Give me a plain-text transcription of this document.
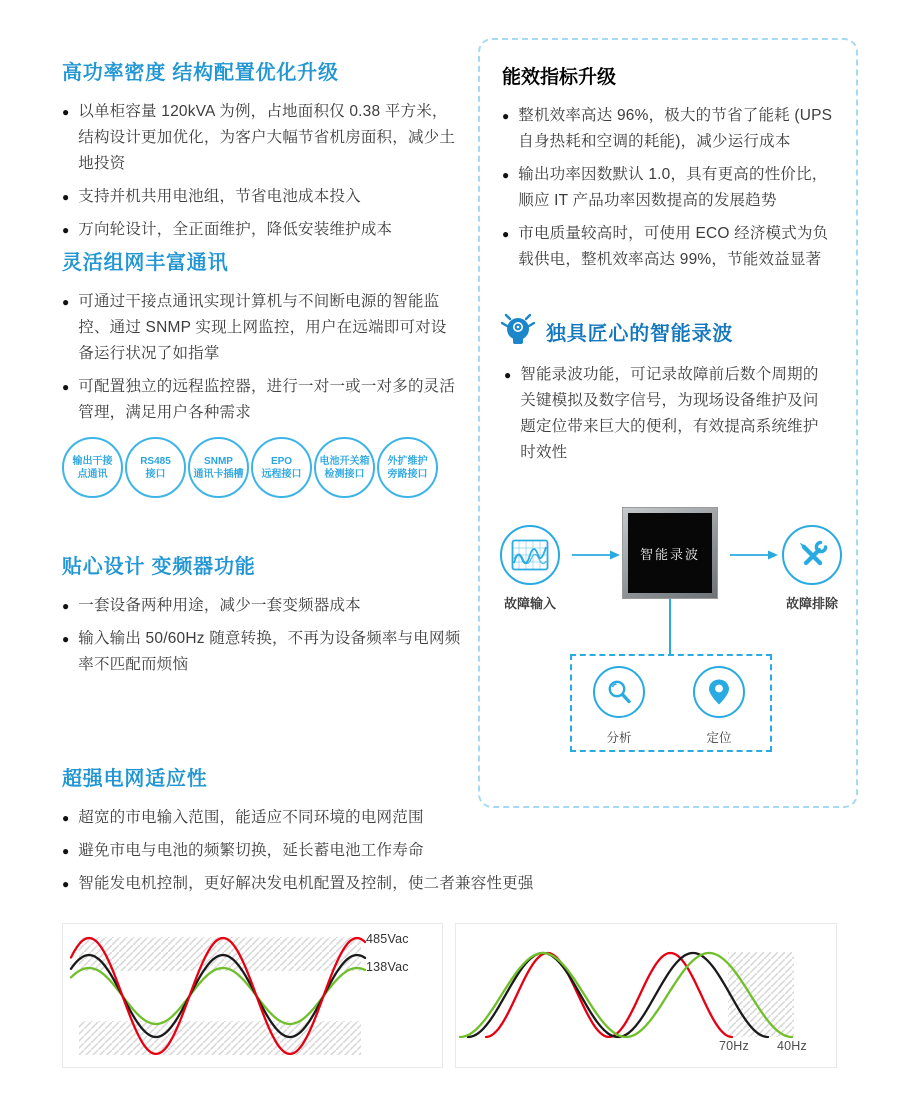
高功率密度 结构配置优化升级
● 以单柜容量 120kVA 为例，占地面积仅 0.38 平方米，结构设计更加优化，为客户大幅节省机房面积，减少土地投资
● 支持并机共用电池组，节省电池成本投入
● 万向轮设计，全正面维护，降低安装维护成本
灵活组网丰富通讯
● 可通过干接点通讯实现计算机与不间断电源的智能监控、通过 SNMP 实现上网监控，用户在远端即可对设备运行状况了如指掌
● 可配置独立的远程监控器，进行一对一或一对多的灵活管理，满足用户各种需求
输出干接
点通讯
RS485
接口
SNMP
通讯卡插槽
EPO
远程接口
电池开关箱
检测接口
外扩维护
旁路接口
贴心设计 变频器功能
● 一套设备两种用途，减少一套变频器成本
● 输入输出 50/60Hz 随意转换，不再为设备频率与电网频率不匹配而烦恼
超强电网适应性
● 超宽的市电输入范围，能适应不同环境的电网范围
● 避免市电与电池的频繁切换，延长蓄电池工作寿命
● 智能发电机控制，更好解决发电机配置及控制，使二者兼容性更强
能效指标升级
● 整机效率高达 96%，极大的节省了能耗 (UPS 自身热耗和空调的耗能)，减少运行成本
● 输出功率因数默认 1.0，具有更高的性价比，顺应 IT 产品功率因数提高的发展趋势
● 市电质量较高时，可使用 ECO 经济模式为负载供电，整机效率高达 99%，节能效益显著
独具匠心的智能录波
● 智能录波功能，可记录故障前后数个周期的关键模拟及数字信号，为现场设备维护及问题定位带来巨大的便利，有效提高系统维护时效性
故障输入
智能录波
故障排除
分析	定位
485Vac
138Vac
70Hz 40Hz
